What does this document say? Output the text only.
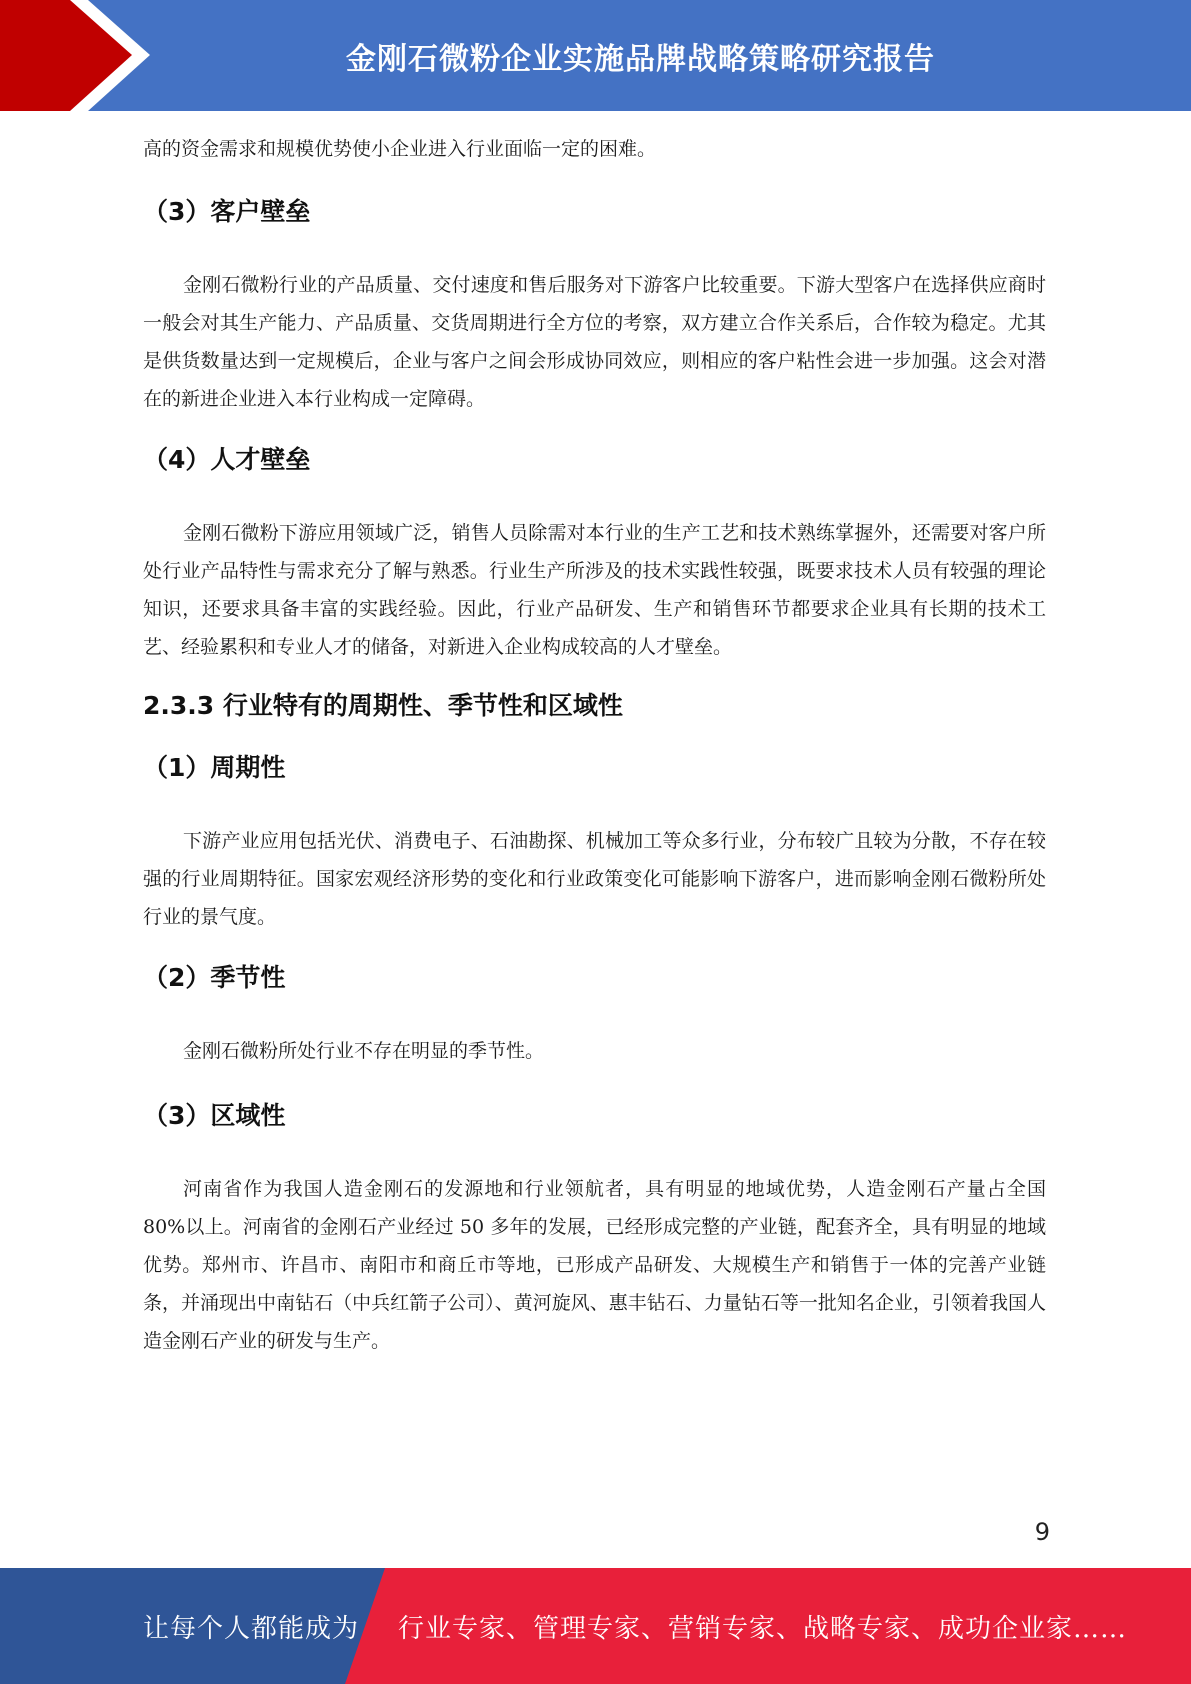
金刚石微粉企业实施品牌战略策略研究报告

高的资金需求和规模优势使小企业进入行业面临一定的困难。

（3）客户壁垒

金刚石微粉行业的产品质量、交付速度和售后服务对下游客户比较重要。下游大型客户在选择供应商时一般会对其生产能力、产品质量、交货周期进行全方位的考察，双方建立合作关系后，合作较为稳定。尤其是供货数量达到一定规模后，企业与客户之间会形成协同效应，则相应的客户粘性会进一步加强。这会对潜在的新进企业进入本行业构成一定障碍。

（4）人才壁垒

金刚石微粉下游应用领域广泛，销售人员除需对本行业的生产工艺和技术熟练掌握外，还需要对客户所处行业产品特性与需求充分了解与熟悉。行业生产所涉及的技术实践性较强，既要求技术人员有较强的理论知识，还要求具备丰富的实践经验。因此，行业产品研发、生产和销售环节都要求企业具有长期的技术工艺、经验累积和专业人才的储备，对新进入企业构成较高的人才壁垒。

2.3.3 行业特有的周期性、季节性和区域性
（1）周期性

下游产业应用包括光伏、消费电子、石油勘探、机械加工等众多行业，分布较广且较为分散，不存在较强的行业周期特征。国家宏观经济形势的变化和行业政策变化可能影响下游客户，进而影响金刚石微粉所处行业的景气度。

（2）季节性

金刚石微粉所处行业不存在明显的季节性。

（3）区域性

河南省作为我国人造金刚石的发源地和行业领航者，具有明显的地域优势，人造金刚石产量占全国 80%以上。河南省的金刚石产业经过 50 多年的发展，已经形成完整的产业链，配套齐全，具有明显的地域优势。郑州市、许昌市、南阳市和商丘市等地，已形成产品研发、大规模生产和销售于一体的完善产业链条，并涌现出中南钻石（中兵红箭子公司）、黄河旋风、惠丰钻石、力量钻石等一批知名企业，引领着我国人造金刚石产业的研发与生产。

9
让每个人都能成为 行业专家、管理专家、营销专家、战略专家、成功企业家……
